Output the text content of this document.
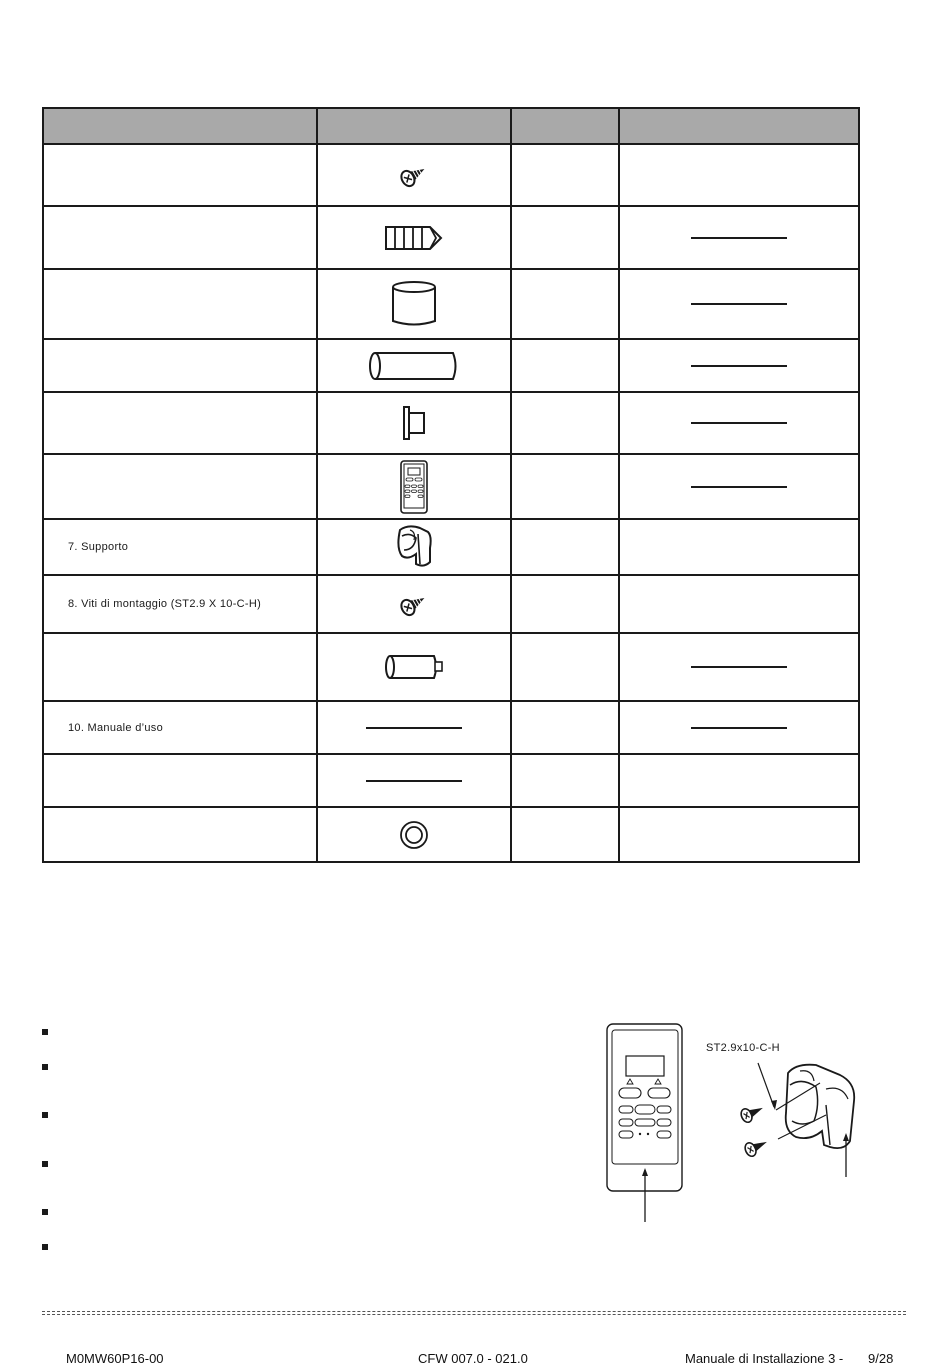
7. Supporto	

8. Viti di montaggio (ST2.9 X 10-C-H)	

10. Manuale d’uso	

ST2.9x10-C-H
M0MW60P16-00	CFW 007.0 - 021.0	Manuale di Installazione 3 - 9/28
